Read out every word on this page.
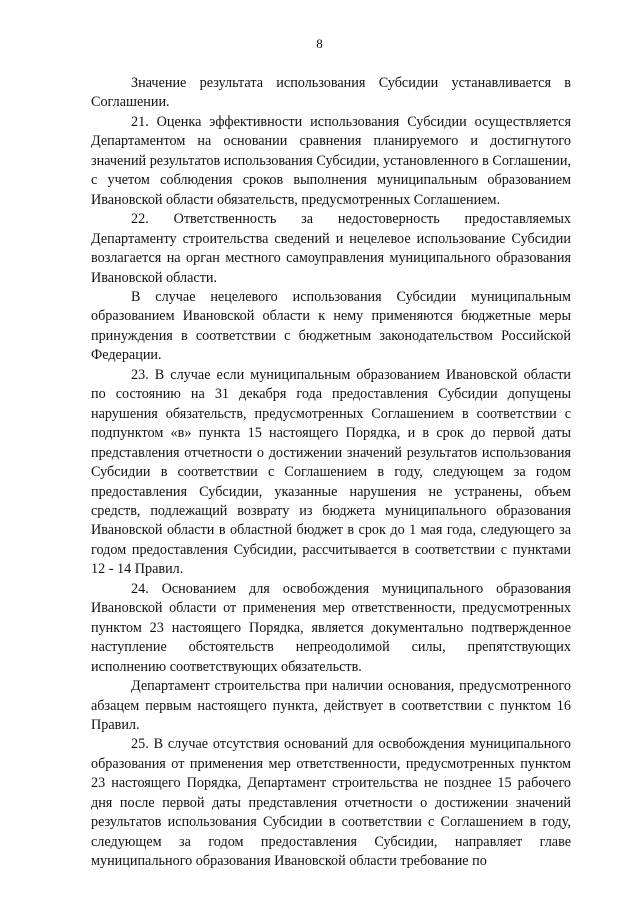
8

Значение результата использования Субсидии устанавливается в Соглашении.

21. Оценка эффективности использования Субсидии осуществляется Департаментом на основании сравнения планируемого и достигнутого значений результатов использования Субсидии, установленного в Соглашении, с учетом соблюдения сроков выполнения муниципальным образованием Ивановской области обязательств, предусмотренных Соглашением.

22. Ответственность за недостоверность предоставляемых Департаменту строительства сведений и нецелевое использование Субсидии возлагается на орган местного самоуправления муниципального образования Ивановской области.

В случае нецелевого использования Субсидии муниципальным образованием Ивановской области к нему применяются бюджетные меры принуждения в соответствии с бюджетным законодательством Российской Федерации.

23. В случае если муниципальным образованием Ивановской области по состоянию на 31 декабря года предоставления Субсидии допущены нарушения обязательств, предусмотренных Соглашением в соответствии с подпунктом «в» пункта 15 настоящего Порядка, и в срок до первой даты представления отчетности о достижении значений результатов использования Субсидии в соответствии с Соглашением в году, следующем за годом предоставления Субсидии, указанные нарушения не устранены, объем средств, подлежащий возврату из бюджета муниципального образования Ивановской области в областной бюджет в срок до 1 мая года, следующего за годом предоставления Субсидии, рассчитывается в соответствии с пунктами 12 - 14 Правил.

24. Основанием для освобождения муниципального образования Ивановской области от применения мер ответственности, предусмотренных пунктом 23 настоящего Порядка, является документально подтвержденное наступление обстоятельств непреодолимой силы, препятствующих исполнению соответствующих обязательств.

Департамент строительства при наличии основания, предусмотренного абзацем первым настоящего пункта, действует в соответствии с пунктом 16 Правил.

25. В случае отсутствия оснований для освобождения муниципального образования от применения мер ответственности, предусмотренных пунктом 23 настоящего Порядка, Департамент строительства не позднее 15 рабочего дня после первой даты представления отчетности о достижении значений результатов использования Субсидии в соответствии с Соглашением в году, следующем за годом предоставления Субсидии, направляет главе муниципального образования Ивановской области требование по
